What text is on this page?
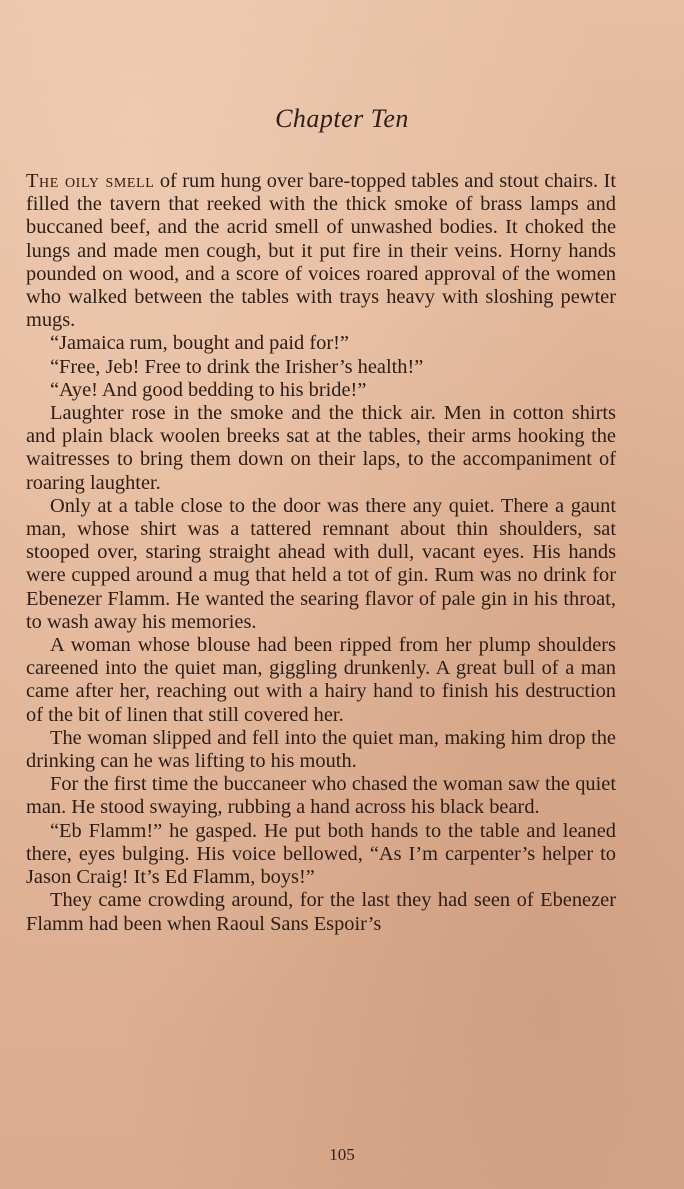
Chapter Ten

The oily smell of rum hung over bare-topped tables and stout chairs. It filled the tavern that reeked with the thick smoke of brass lamps and buccaned beef, and the acrid smell of unwashed bodies. It choked the lungs and made men cough, but it put fire in their veins. Horny hands pounded on wood, and a score of voices roared approval of the women who walked between the tables with trays heavy with sloshing pewter mugs.

“Jamaica rum, bought and paid for!”

“Free, Jeb! Free to drink the Irisher’s health!”

“Aye! And good bedding to his bride!”

Laughter rose in the smoke and the thick air. Men in cotton shirts and plain black woolen breeks sat at the tables, their arms hooking the waitresses to bring them down on their laps, to the accompaniment of roaring laughter.

Only at a table close to the door was there any quiet. There a gaunt man, whose shirt was a tattered remnant about thin shoulders, sat stooped over, staring straight ahead with dull, vacant eyes. His hands were cupped around a mug that held a tot of gin. Rum was no drink for Ebenezer Flamm. He wanted the searing flavor of pale gin in his throat, to wash away his memories.

A woman whose blouse had been ripped from her plump shoulders careened into the quiet man, giggling drunkenly. A great bull of a man came after her, reaching out with a hairy hand to finish his destruction of the bit of linen that still covered her.

The woman slipped and fell into the quiet man, making him drop the drinking can he was lifting to his mouth.

For the first time the buccaneer who chased the woman saw the quiet man. He stood swaying, rubbing a hand across his black beard.

“Eb Flamm!” he gasped. He put both hands to the table and leaned there, eyes bulging. His voice bellowed, “As I’m carpenter’s helper to Jason Craig! It’s Ed Flamm, boys!”

They came crowding around, for the last they had seen of Ebenezer Flamm had been when Raoul Sans Espoir’s

105
